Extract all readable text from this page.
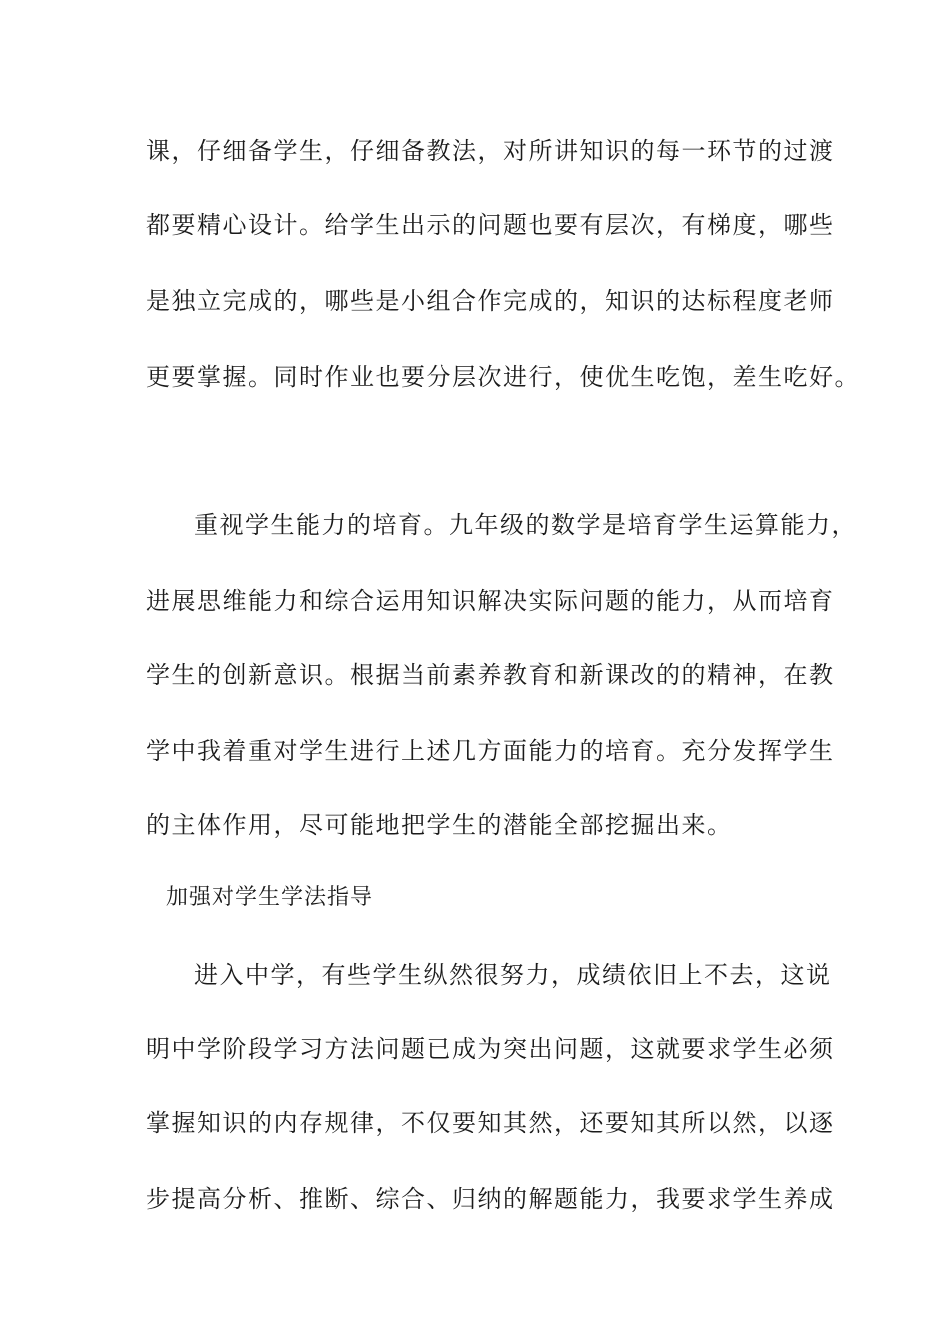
课，仔细备学生，仔细备教法，对所讲知识的每一环节的过渡
都要精心设计。给学生出示的问题也要有层次，有梯度，哪些
是独立完成的，哪些是小组合作完成的，知识的达标程度老师
更要掌握。同时作业也要分层次进行，使优生吃饱，差生吃好。
重视学生能力的培育。九年级的数学是培育学生运算能力，
进展思维能力和综合运用知识解决实际问题的能力，从而培育
学生的创新意识。根据当前素养教育和新课改的的精神，在教
学中我着重对学生进行上述几方面能力的培育。充分发挥学生
的主体作用，尽可能地把学生的潜能全部挖掘出来。
加强对学生学法指导
进入中学，有些学生纵然很努力，成绩依旧上不去，这说
明中学阶段学习方法问题已成为突出问题，这就要求学生必须
掌握知识的内存规律，不仅要知其然，还要知其所以然，以逐
步提高分析、推断、综合、归纳的解题能力，我要求学生养成
